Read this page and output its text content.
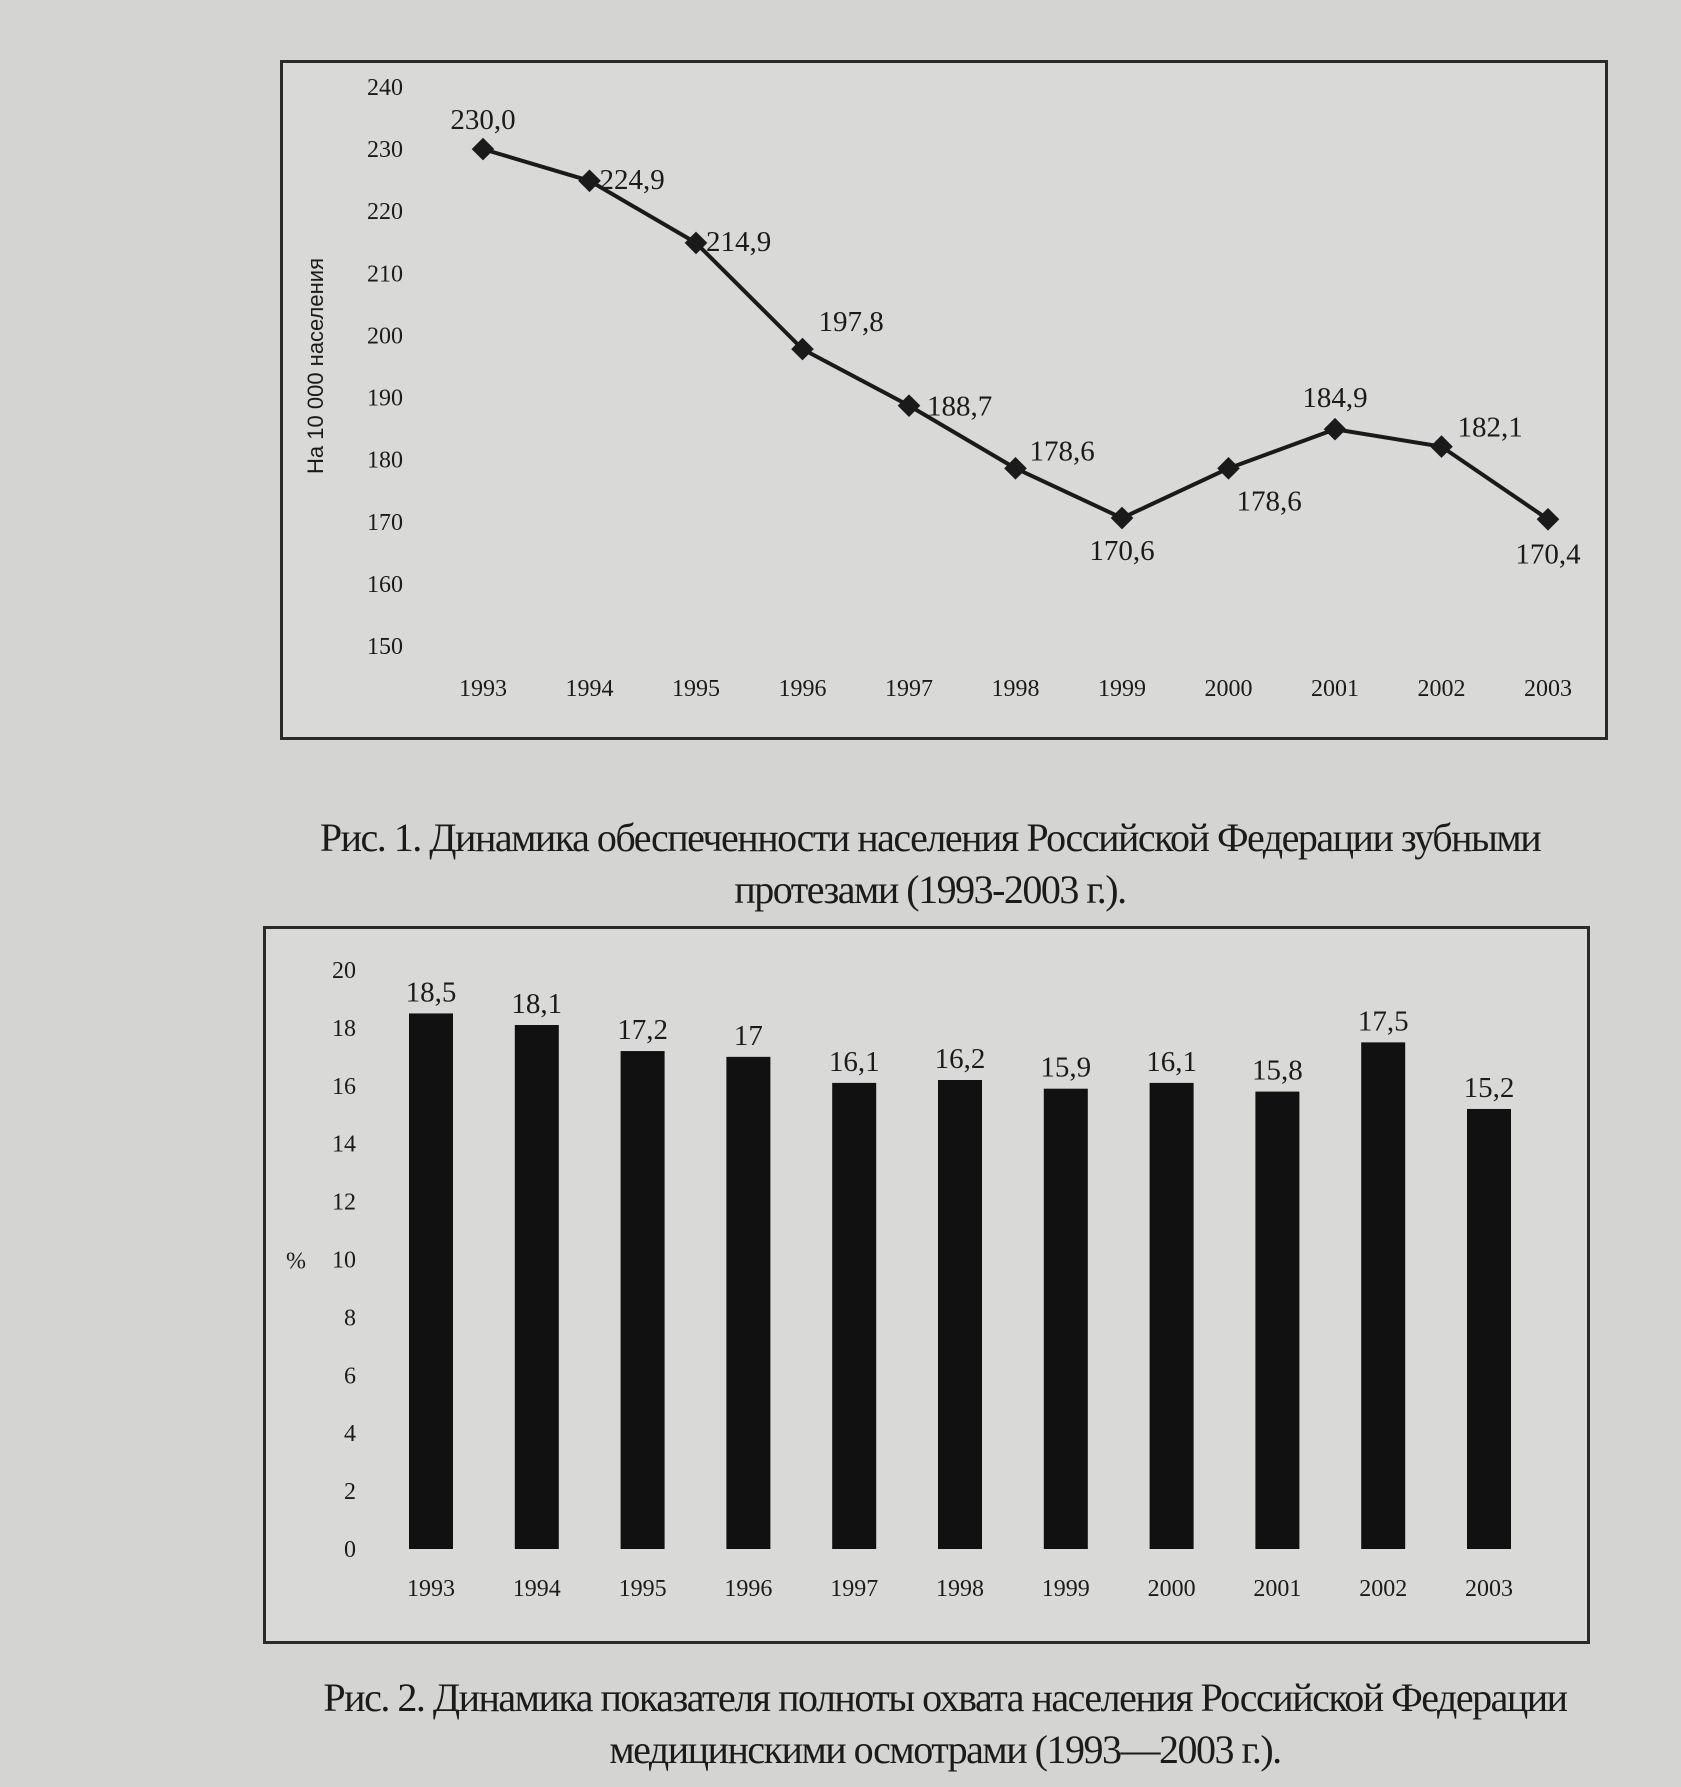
240
230
220
210
200
190
180
170
160
150
1993 1994 1995 1996 1997 1998 1999 2000 2001 2002 2003
На 10 000 населения
230,0
224,9
214,9
197,8
188,7
178,6
170,6
178,6
184,9
182,1
170,4

Рис. 1. Динамика обеспеченности населения Российской Федерации зубными
протезами (1993-2003 г.).

20
18
16
14
12
10
8
6
4
2
0
%
1993 1994 1995 1996 1997 1998 1999 2000 2001 2002 2003
18,5 18,1
17,2 17
16,1 16,2 15,9 16,1 15,8
17,5
15,2

Рис. 2. Динамика показателя полноты охвата населения Российской Федерации
медицинскими осмотрами (1993—2003 г.).
